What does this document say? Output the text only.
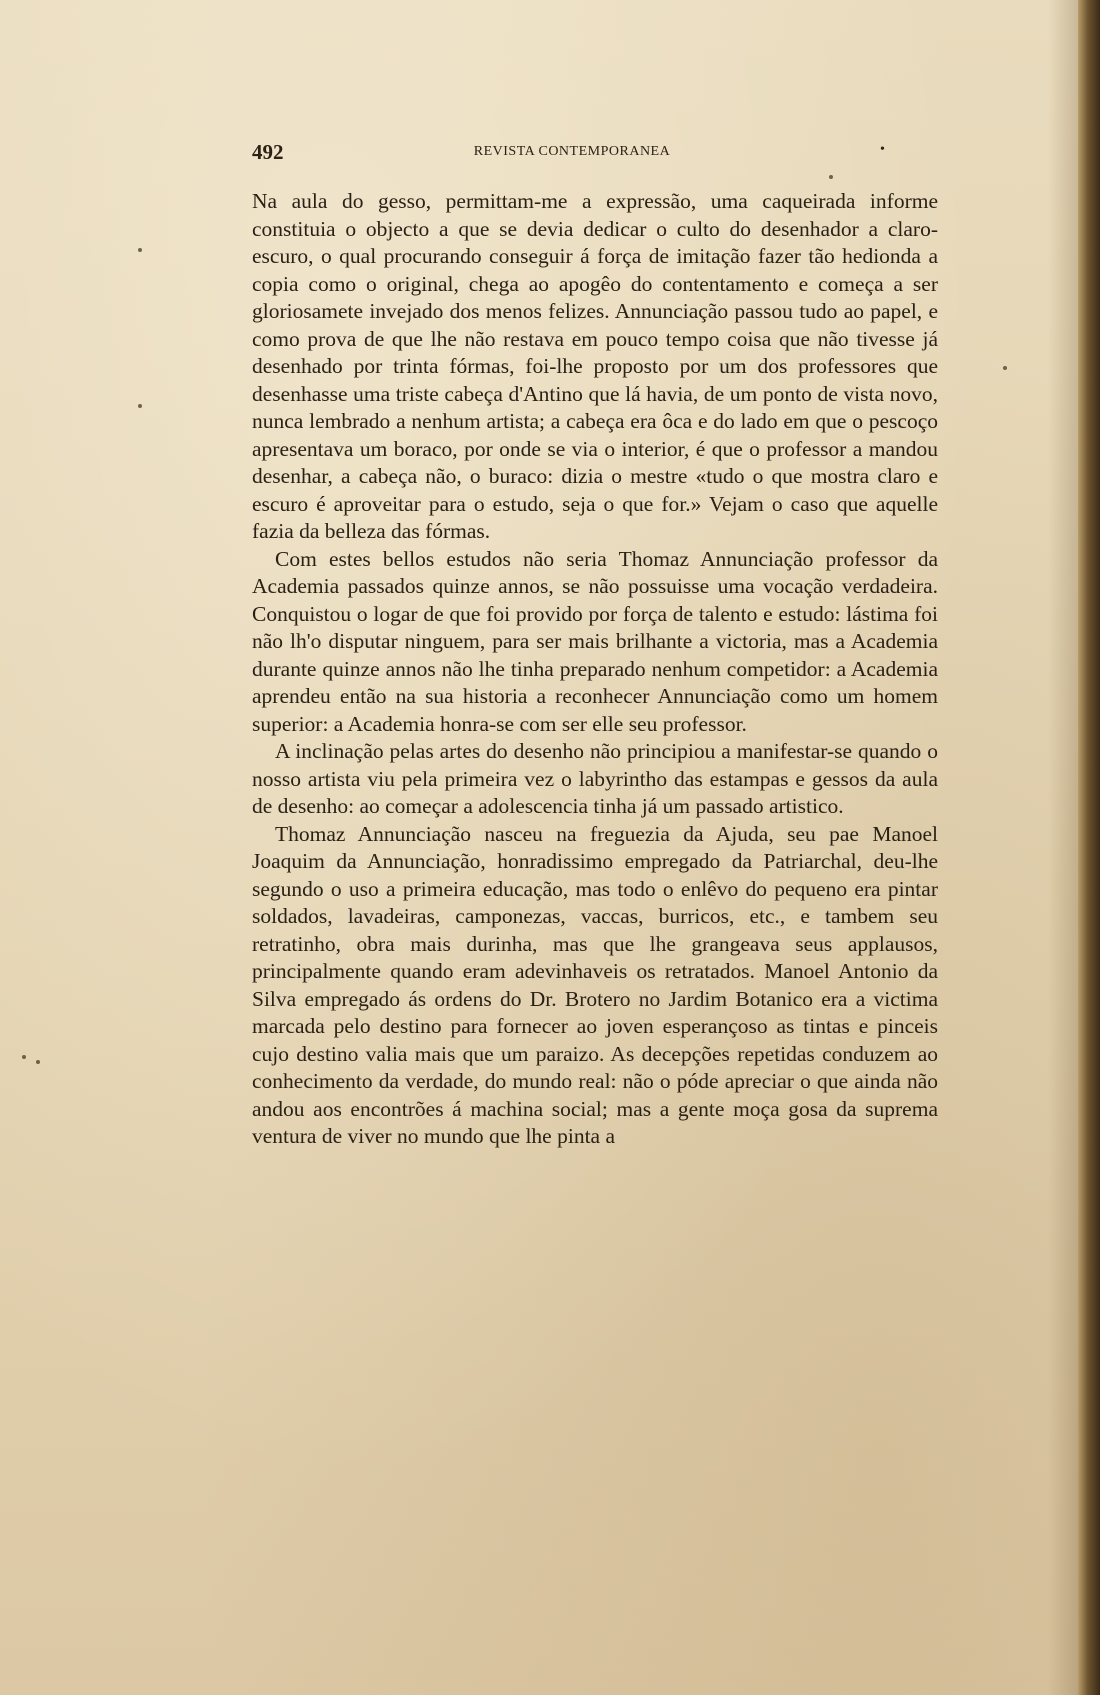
492	REVISTA CONTEMPORANEA	•

Na aula do gesso, permittam-me a expressão, uma caqueirada informe constituia o objecto a que se devia dedicar o culto do desenhador a claro-escuro, o qual procurando conseguir á força de imitação fazer tão hedionda a copia como o original, chega ao apogêo do contentamento e começa a ser gloriosamete invejado dos menos felizes. Annunciação passou tudo ao papel, e como prova de que lhe não restava em pouco tempo coisa que não tivesse já desenhado por trinta fórmas, foi-lhe proposto por um dos professores que desenhasse uma triste cabeça d'Antino que lá havia, de um ponto de vista novo, nunca lembrado a nenhum artista; a cabeça era ôca e do lado em que o pescoço apresentava um boraco, por onde se via o interior, é que o professor a mandou desenhar, a cabeça não, o buraco: dizia o mestre «tudo o que mostra claro e escuro é aproveitar para o estudo, seja o que for.» Vejam o caso que aquelle fazia da belleza das fórmas.

Com estes bellos estudos não seria Thomaz Annunciação professor da Academia passados quinze annos, se não possuisse uma vocação verdadeira. Conquistou o logar de que foi provido por força de talento e estudo: lástima foi não lh'o disputar ninguem, para ser mais brilhante a victoria, mas a Academia durante quinze annos não lhe tinha preparado nenhum competidor: a Academia aprendeu então na sua historia a reconhecer Annunciação como um homem superior: a Academia honra-se com ser elle seu professor.

A inclinação pelas artes do desenho não principiou a manifestar-se quando o nosso artista viu pela primeira vez o labyrintho das estampas e gessos da aula de desenho: ao começar a adolescencia tinha já um passado artistico.

Thomaz Annunciação nasceu na freguezia da Ajuda, seu pae Manoel Joaquim da Annunciação, honradissimo empregado da Patriarchal, deu-lhe segundo o uso a primeira educação, mas todo o enlêvo do pequeno era pintar soldados, lavadeiras, camponezas, vaccas, burricos, etc., e tambem seu retratinho, obra mais durinha, mas que lhe grangeava seus applausos, principalmente quando eram adevinhaveis os retratados. Manoel Antonio da Silva empregado ás ordens do Dr. Brotero no Jardim Botanico era a victima marcada pelo destino para fornecer ao joven esperançoso as tintas e pinceis cujo destino valia mais que um paraizo. As decepções repetidas conduzem ao conhecimento da verdade, do mundo real: não o póde apreciar o que ainda não andou aos encontrões á machina social; mas a gente moça gosa da suprema ventura de viver no mundo que lhe pinta a
